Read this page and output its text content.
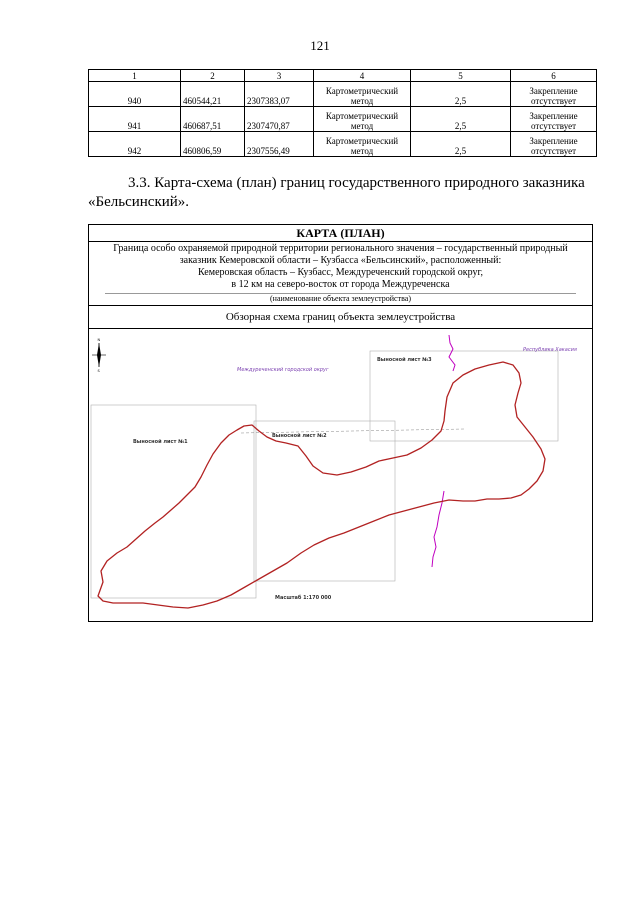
121
1	2	3	4	5	6
940	460544,21	2307383,07	Картометрический метод	2,5	Закрепление отсутствует
941	460687,51	2307470,87	Картометрический метод	2,5	Закрепление отсутствует
942	460806,59	2307556,49	Картометрический метод	2,5	Закрепление отсутствует
3.3. Карта-схема (план) границ государственного природного заказника «Бельсинский».
КАРТА (ПЛАН)
Граница особо охраняемой природной территории регионального значения – государственный природный
заказник Кемеровской области – Кузбасса «Бельсинский», расположенный:
Кемеровская область – Кузбасс, Междуреченский городской округ,
в 12 км на северо-восток от города Междуреченска
(наименование объекта землеустройства)
Обзорная схема границ объекта землеустройства
N
S	Междуреченский городской округ
Республика Хакасия
Выносной лист №1
Выносной лист №2
Выносной лист №3
Масштаб 1:170 000
